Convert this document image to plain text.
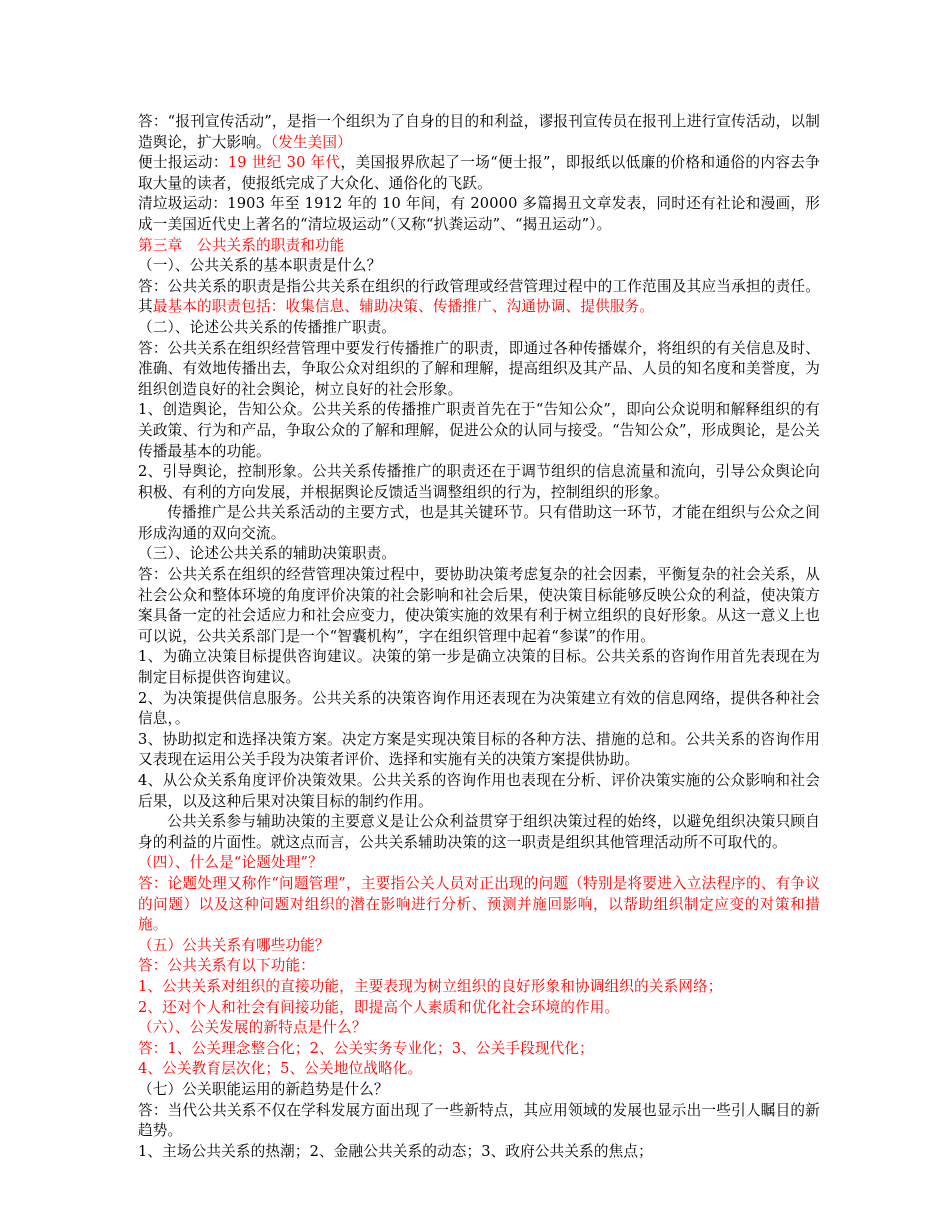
答：“报刊宣传活动”，是指一个组织为了自身的目的和利益，谬报刊宣传员在报刊上进行宣传活动，以制造舆论，扩大影响。（发生美国）

便士报运动：19 世纪 30 年代，美国报界欣起了一场“便士报”，即报纸以低廉的价格和通俗的内容去争取大量的读者，使报纸完成了大众化、通俗化的飞跃。

清垃圾运动：1903 年至 1912 年的 10 年间，有 20000 多篇揭丑文章发表，同时还有社论和漫画，形成一美国近代史上著名的“清垃圾运动”（又称“扒粪运动”、“揭丑运动”）。

第三章　公共关系的职责和功能

（一）、公共关系的基本职责是什么？

答：公共关系的职责是指公共关系在组织的行政管理或经营管理过程中的工作范围及其应当承担的责任。其最基本的职责包括：收集信息、辅助决策、传播推广、沟通协调、提供服务。

（二）、论述公共关系的传播推广职责。

答：公共关系在组织经营管理中要发行传播推广的职责，即通过各种传播媒介，将组织的有关信息及时、准确、有效地传播出去，争取公众对组织的了解和理解，提高组织及其产品、人员的知名度和美誉度，为组织创造良好的社会舆论，树立良好的社会形象。

1、创造舆论，告知公众。公共关系的传播推广职责首先在于“告知公众”，即向公众说明和解释组织的有关政策、行为和产品，争取公众的了解和理解，促进公众的认同与接受。“告知公众”，形成舆论，是公关传播最基本的功能。

2、引导舆论，控制形象。公共关系传播推广的职责还在于调节组织的信息流量和流向，引导公众舆论向积极、有利的方向发展，并根据舆论反馈适当调整组织的行为，控制组织的形象。

传播推广是公共关系活动的主要方式，也是其关键环节。只有借助这一环节，才能在组织与公众之间形成沟通的双向交流。

（三）、论述公共关系的辅助决策职责。

答：公共关系在组织的经营管理决策过程中，要协助决策考虑复杂的社会因素，平衡复杂的社会关系，从社会公众和整体环境的角度评价决策的社会影响和社会后果，使决策目标能够反映公众的利益，使决策方案具备一定的社会适应力和社会应变力，使决策实施的效果有利于树立组织的良好形象。从这一意义上也可以说，公共关系部门是一个“智囊机构”，字在组织管理中起着“参谋”的作用。

1、为确立决策目标提供咨询建议。决策的第一步是确立决策的目标。公共关系的咨询作用首先表现在为制定目标提供咨询建议。

2、为决策提供信息服务。公共关系的决策咨询作用还表现在为决策建立有效的信息网络，提供各种社会信息，。

3、协助拟定和选择决策方案。决定方案是实现决策目标的各种方法、措施的总和。公共关系的咨询作用又表现在运用公关手段为决策者评价、选择和实施有关的决策方案提供协助。

4、从公众关系角度评价决策效果。公共关系的咨询作用也表现在分析、评价决策实施的公众影响和社会后果，以及这种后果对决策目标的制约作用。

公共关系参与辅助决策的主要意义是让公众利益贯穿于组织决策过程的始终，以避免组织决策只顾自身的利益的片面性。就这点而言，公共关系辅助决策的这一职责是组织其他管理活动所不可取代的。

（四）、什么是“论题处理”？

答：论题处理又称作“问题管理”，主要指公关人员对正出现的问题（特别是将要进入立法程序的、有争议的问题）以及这种问题对组织的潜在影响进行分析、预测并施回影响，以帮助组织制定应变的对策和措施。

（五）公共关系有哪些功能？

答：公共关系有以下功能：

1、公共关系对组织的直接功能，主要表现为树立组织的良好形象和协调组织的关系网络；

2、还对个人和社会有间接功能，即提高个人素质和优化社会环境的作用。

（六）、公关发展的新特点是什么？

答：1、公关理念整合化；2、公关实务专业化；3、公关手段现代化；

4、公关教育层次化；5、公关地位战略化。

（七）公关职能运用的新趋势是什么？

答：当代公共关系不仅在学科发展方面出现了一些新特点，其应用领域的发展也显示出一些引人瞩目的新趋势。

1、主场公共关系的热潮；2、金融公共关系的动态；3、政府公共关系的焦点；
